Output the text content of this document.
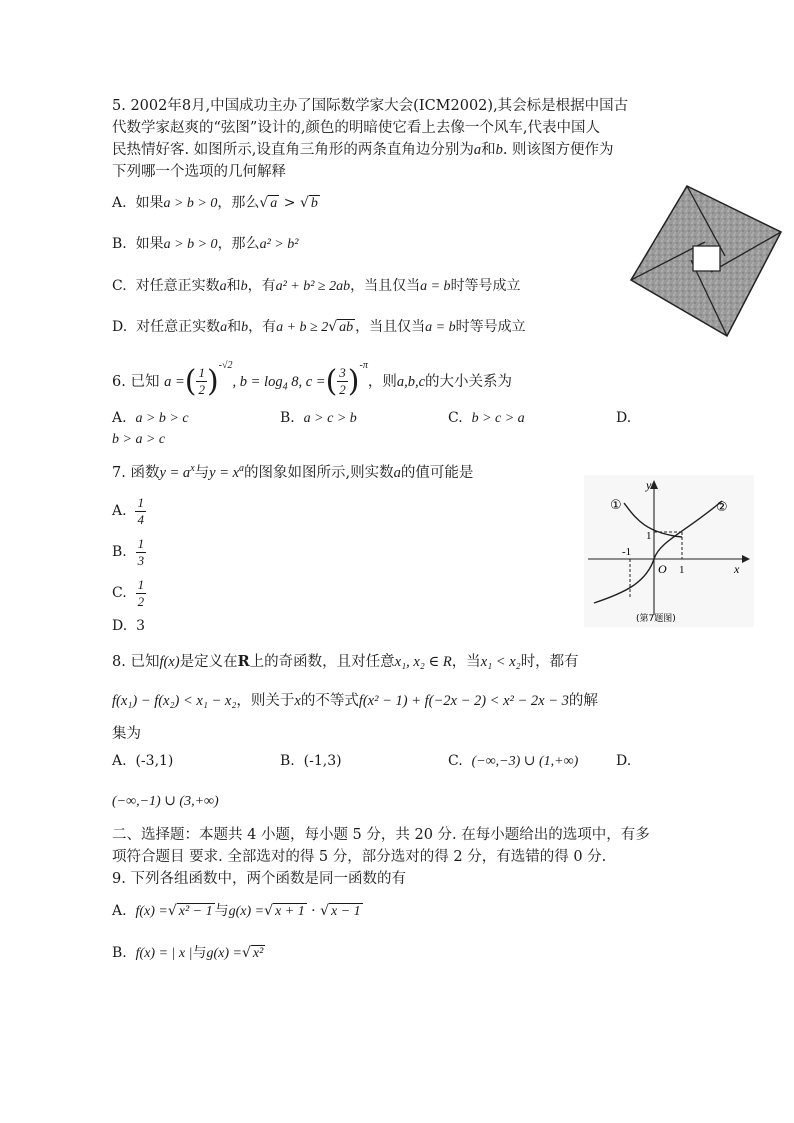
5. 2002年8月,中国成功主办了国际数学家大会(ICM2002),其会标是根据中国古
代数学家赵爽的“弦图”设计的,颜色的明暗使它看上去像一个风车,代表中国人
民热情好客. 如图所示,设直角三角形的两条直角边分别为a和b. 则该图方便作为
下列哪一个选项的几何解释
A. 如果a > b > 0，那么√ a > √ b
B. 如果a > b > 0，那么a² > b²
C. 对任意正实数a和b，有a² + b² ≥ 2ab，当且仅当a = b时等号成立
D. 对任意正实数a和b，有a + b ≥ 2√ ab ，当且仅当a = b时等号成立
6. 已知 a =( $\frac{1}{2} )^{-√2}$, $b = \log_4 8$, c =( $\frac{3}{2} )^{-\pi}$，则a,b,c的大小关系为
A. a > b > c	B. a > c > b	C. b > c > a	D.
b > a > c
7. 函数$y = a^x$与$y = x^a$的图象如图所示,则实数a的值可能是
A. $\frac{1}{4}$
B. $\frac{1}{3}$
C. $\frac{1}{2}$
D. 3
y
x
O
1
1
-1
①	②
(第7题图)
8. 已知f(x)是定义在R上的奇函数，且对任意x₁, x₂ ∈ R，当x₁ < x₂时，都有
f(x₁) − f(x₂) < x₁ − x₂，则关于x的不等式f(x² − 1) + f(−2x − 2) < x² − 2x − 3的解
集为
A. (-3,1)	B. (-1,3)	C. (−∞,−3) ∪ (1,+∞)	D.
(−∞,−1) ∪ (3,+∞)
二、选择题：本题共 4 小题，每小题 5 分，共 20 分. 在每小题给出的选项中，有多
项符合题目 要求. 全部选对的得 5 分，部分选对的得 2 分，有选错的得 0 分.
9. 下列各组函数中，两个函数是同一函数的有
A. f(x) =√ x² − 1 与g(x) =√ x + 1 · √ x − 1
B. f(x) = | x |与g(x) =√ x²
